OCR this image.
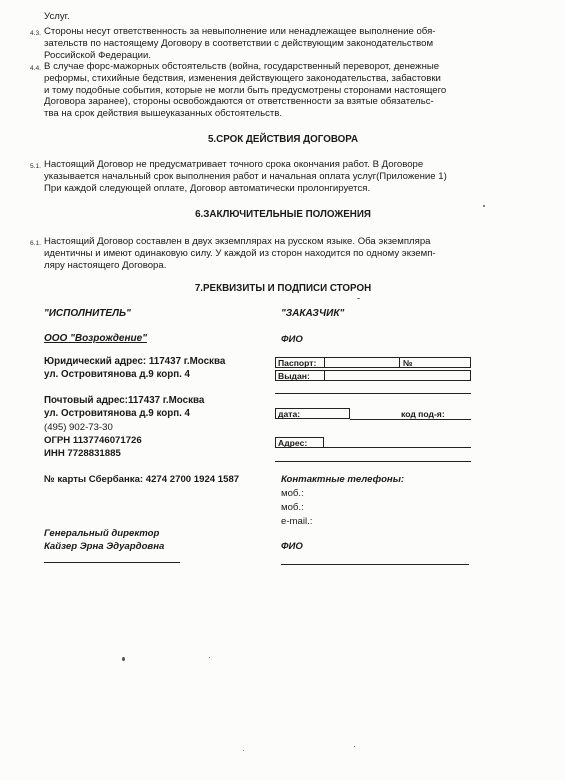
Услуг.
4.3. Стороны несут ответственность за невыполнение или ненадлежащее выполнение обя-
зательств по настоящему Договору в соответствии с действующим законодательством
Российской Федерации.
4.4. В случае форс-мажорных обстоятельств (война, государственный переворот, денежные
реформы, стихийные бедствия, изменения действующего законодательства, забастовки
и тому подобные события, которые не могли быть предусмотрены сторонами настоящего
Договора заранее), стороны освобождаются от ответственности за взятые обязательс-
тва на срок действия вышеуказанных обстоятельств.
5.СРОК ДЕЙСТВИЯ ДОГОВОРА
5.1. Настоящий Договор не предусматривает точного срока окончания работ. В Договоре
указывается начальный срок выполнения работ и начальная оплата услуг(Приложение 1)
При каждой следующей оплате, Договор автоматически пролонгируется.
6.ЗАКЛЮЧИТЕЛЬНЫЕ ПОЛОЖЕНИЯ
6.1. Настоящий Договор составлен в двух экземплярах на русском языке. Оба экземпляра
идентичны и имеют одинаковую силу. У каждой из сторон находится по одному экземп-
ляру настоящего Договора.
7.РЕКВИЗИТЫ И ПОДПИСИ СТОРОН
"ИСПОЛНИТЕЛЬ"
ООО "Возрождение"
Юридический адрес: 117437 г.Москва
ул. Островитянова д.9 корп. 4
Почтовый адрес:117437 г.Москва
ул. Островитянова д.9 корп. 4
(495) 902-73-30
ОГРН 1137746071726
ИНН 7728831885
№ карты Сбербанка: 4274 2700 1924 1587
Генеральный директор
Кайзер Эрна Эдуардовна
"ЗАКАЗЧИК"
ФИО
Паспорт:	№
Выдан:
дата:	код под-я:
Адрес:
Контактные телефоны:
моб.:
моб.:
e-mail.:
ФИО
